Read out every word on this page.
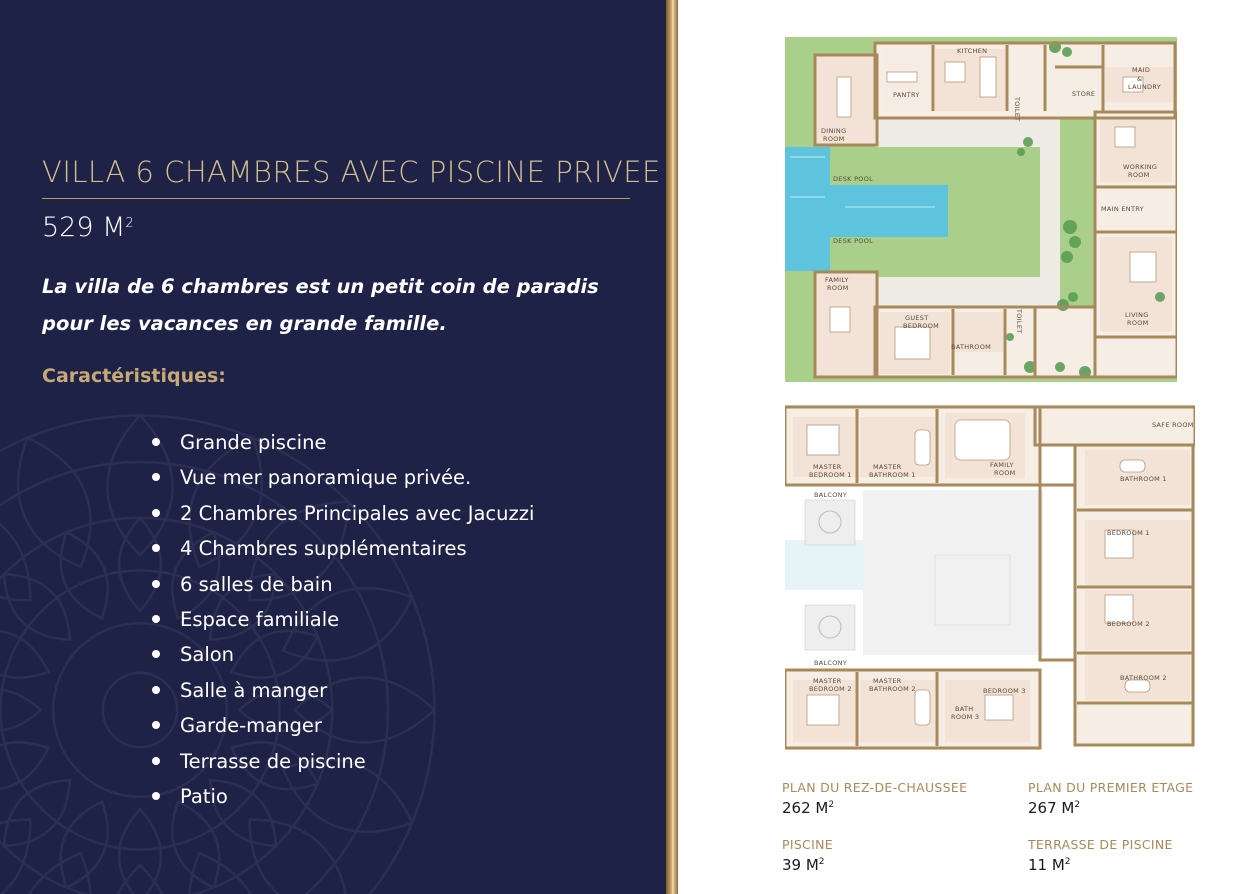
VILLA 6 CHAMBRES AVEC PISCINE PRIVEE
529 $M^2$
La villa de 6 chambres est un petit coin de paradis pour les vacances en grande famille.
Caractéristiques:
Grande piscine
Vue mer panoramique privée.
2 Chambres Principales avec Jacuzzi
4 Chambres supplémentaires
6 salles de bain
Espace familiale
Salon
Salle à manger
Garde-manger
Terrasse de piscine
Patio
KITCHEN
PANTRY
TOILET
STORE
MAID
&
LAUNDRY
DINING
ROOM
DESK POOL
WORKING
ROOM
MAIN ENTRY
DESK POOL
FAMILY
ROOM
GUEST
BEDROOM
BATHROOM
TOILET	LIVING
ROOM
SAFE ROOM
MASTER
BEDROOM 1
MASTER
BATHROOM 1
FAMILY
ROOM
BATHROOM 1
BALCONY
BEDROOM 1
BEDROOM 2
BALCONY
MASTER
BEDROOM 2
MASTER
BATHROOM 2
BATH
ROOM 3
BEDROOM 3
BATHROOM 2
PLAN DU REZ-DE-CHAUSSEE
262 $M^2$
PLAN DU PREMIER ETAGE
267 $M^2$
PISCINE
39 $M^2$
TERRASSE DE PISCINE
11 $M^2$
